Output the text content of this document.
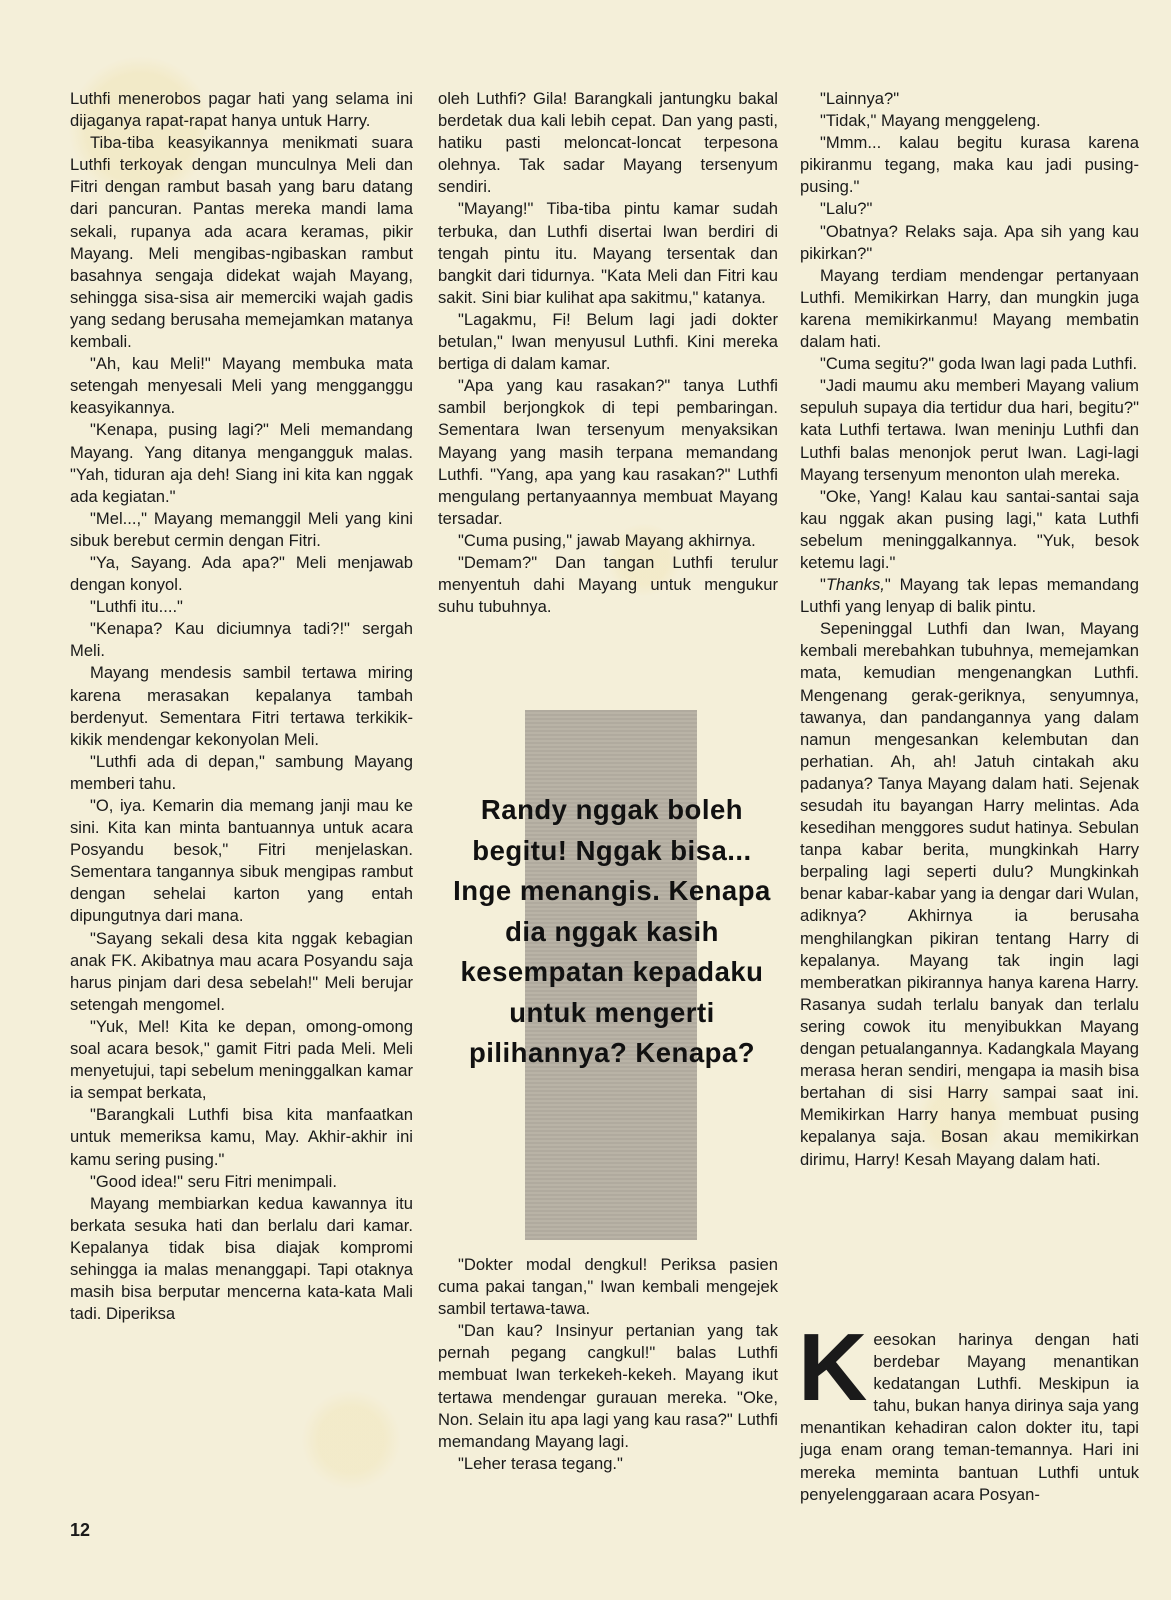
Luthfi menerobos pagar hati yang selama ini dijaganya rapat-rapat hanya untuk Harry.

Tiba-tiba keasyikannya menikmati suara Luthfi terkoyak dengan munculnya Meli dan Fitri dengan rambut basah yang baru datang dari pancuran. Pantas mereka mandi lama sekali, rupanya ada acara keramas, pikir Mayang. Meli mengibas-ngibaskan rambut basahnya sengaja didekat wajah Mayang, sehingga sisa-sisa air memerciki wajah gadis yang sedang berusaha memejamkan matanya kembali.

"Ah, kau Meli!" Mayang membuka mata setengah menyesali Meli yang mengganggu keasyikannya.

"Kenapa, pusing lagi?" Meli memandang Mayang. Yang ditanya mengangguk malas. "Yah, tiduran aja deh! Siang ini kita kan nggak ada kegiatan."

"Mel...," Mayang memanggil Meli yang kini sibuk berebut cermin dengan Fitri.

"Ya, Sayang. Ada apa?" Meli menjawab dengan konyol.

"Luthfi itu...."

"Kenapa? Kau diciumnya tadi?!" sergah Meli.

Mayang mendesis sambil tertawa miring karena merasakan kepalanya tambah berdenyut. Sementara Fitri tertawa terkikik-kikik mendengar kekonyolan Meli.

"Luthfi ada di depan," sambung Mayang memberi tahu.

"O, iya. Kemarin dia memang janji mau ke sini. Kita kan minta bantuannya untuk acara Posyandu besok," Fitri menjelaskan. Sementara tangannya sibuk mengipas rambut dengan sehelai karton yang entah dipungutnya dari mana.

"Sayang sekali desa kita nggak kebagian anak FK. Akibatnya mau acara Posyandu saja harus pinjam dari desa sebelah!" Meli berujar setengah mengomel.

"Yuk, Mel! Kita ke depan, omong-omong soal acara besok," gamit Fitri pada Meli. Meli menyetujui, tapi sebelum meninggalkan kamar ia sempat berkata,

"Barangkali Luthfi bisa kita manfaatkan untuk memeriksa kamu, May. Akhir-akhir ini kamu sering pusing."

"Good idea!" seru Fitri menimpali.

Mayang membiarkan kedua kawannya itu berkata sesuka hati dan berlalu dari kamar. Kepalanya tidak bisa diajak kompromi sehingga ia malas menanggapi. Tapi otaknya masih bisa berputar mencerna kata-kata Mali tadi. Diperiksa

oleh Luthfi? Gila! Barangkali jantungku bakal berdetak dua kali lebih cepat. Dan yang pasti, hatiku pasti meloncat-loncat terpesona olehnya. Tak sadar Mayang tersenyum sendiri.

"Mayang!" Tiba-tiba pintu kamar sudah terbuka, dan Luthfi disertai Iwan berdiri di tengah pintu itu. Mayang tersentak dan bangkit dari tidurnya. "Kata Meli dan Fitri kau sakit. Sini biar kulihat apa sakitmu," katanya.

"Lagakmu, Fi! Belum lagi jadi dokter betulan," Iwan menyusul Luthfi. Kini mereka bertiga di dalam kamar.

"Apa yang kau rasakan?" tanya Luthfi sambil berjongkok di tepi pembaringan. Sementara Iwan tersenyum menyaksikan Mayang yang masih terpana memandang Luthfi. "Yang, apa yang kau rasakan?" Luthfi mengulang pertanyaannya membuat Mayang tersadar.

"Cuma pusing," jawab Mayang akhirnya.

"Demam?" Dan tangan Luthfi terulur menyentuh dahi Mayang untuk mengukur suhu tubuhnya.

Randy nggak boleh begitu! Nggak bisa... Inge menangis. Kenapa dia nggak kasih kesempatan kepadaku untuk mengerti pilihannya? Kenapa?

"Dokter modal dengkul! Periksa pasien cuma pakai tangan," Iwan kembali mengejek sambil tertawa-tawa.

"Dan kau? Insinyur pertanian yang tak pernah pegang cangkul!" balas Luthfi membuat Iwan terkekeh-kekeh. Mayang ikut tertawa mendengar gurauan mereka. "Oke, Non. Selain itu apa lagi yang kau rasa?" Luthfi memandang Mayang lagi.

"Leher terasa tegang."

"Lainnya?"

"Tidak," Mayang menggeleng.

"Mmm... kalau begitu kurasa karena pikiranmu tegang, maka kau jadi pusing-pusing."

"Lalu?"

"Obatnya? Relaks saja. Apa sih yang kau pikirkan?"

Mayang terdiam mendengar pertanyaan Luthfi. Memikirkan Harry, dan mungkin juga karena memikirkanmu! Mayang membatin dalam hati.

"Cuma segitu?" goda Iwan lagi pada Luthfi.

"Jadi maumu aku memberi Mayang valium sepuluh supaya dia tertidur dua hari, begitu?" kata Luthfi tertawa. Iwan meninju Luthfi dan Luthfi balas menonjok perut Iwan. Lagi-lagi Mayang tersenyum menonton ulah mereka.

"Oke, Yang! Kalau kau santai-santai saja kau nggak akan pusing lagi," kata Luthfi sebelum meninggalkannya. "Yuk, besok ketemu lagi."

"Thanks," Mayang tak lepas memandang Luthfi yang lenyap di balik pintu.

Sepeninggal Luthfi dan Iwan, Mayang kembali merebahkan tubuhnya, memejamkan mata, kemudian mengenangkan Luthfi. Mengenang gerak-geriknya, senyumnya, tawanya, dan pandangannya yang dalam namun mengesankan kelembutan dan perhatian. Ah, ah! Jatuh cintakah aku padanya? Tanya Mayang dalam hati. Sejenak sesudah itu bayangan Harry melintas. Ada kesedihan menggores sudut hatinya. Sebulan tanpa kabar berita, mungkinkah Harry berpaling lagi seperti dulu? Mungkinkah benar kabar-kabar yang ia dengar dari Wulan, adiknya? Akhirnya ia berusaha menghilangkan pikiran tentang Harry di kepalanya. Mayang tak ingin lagi memberatkan pikirannya hanya karena Harry. Rasanya sudah terlalu banyak dan terlalu sering cowok itu menyibukkan Mayang dengan petualangannya. Kadangkala Mayang merasa heran sendiri, mengapa ia masih bisa bertahan di sisi Harry sampai saat ini. Memikirkan Harry hanya membuat pusing kepalanya saja. Bosan akau memikirkan dirimu, Harry! Kesah Mayang dalam hati.

K eesokan harinya dengan hati berdebar Mayang menantikan kedatangan Luthfi. Meskipun ia tahu, bukan hanya dirinya saja yang menantikan kehadiran calon dokter itu, tapi juga enam orang teman-temannya. Hari ini mereka meminta bantuan Luthfi untuk penyelenggaraan acara Posyan-

12
